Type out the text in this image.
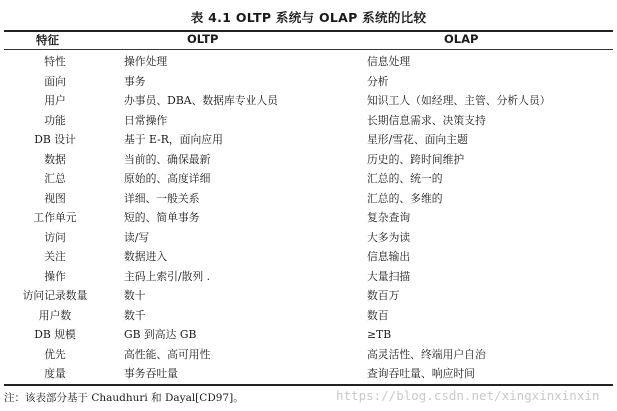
表 4.1 OLTP 系统与 OLAP 系统的比较
特征	OLTP	OLAP
特性	操作处理	信息处理
面向	事务	分析
用户	办事员、DBA、数据库专业人员	知识工人（如经理、主管、分析人员）
功能	日常操作	长期信息需求、决策支持
DB 设计	基于 E-R，面向应用	星形/雪花、面向主题
数据	当前的、确保最新	历史的、跨时间维护
汇总	原始的、高度详细	汇总的、统一的
视图	详细、一般关系	汇总的、多维的
工作单元	短的、简单事务	复杂查询
访问	读/写	大多为读
关注	数据进入	信息输出
操作	主码上索引/散列 .	大量扫描
访问记录数量	数十	数百万
用户数	数千	数百
DB 规模	GB 到高达 GB	≥TB
优先	高性能、高可用性	高灵活性、终端用户自治
度量	事务吞吐量	查询吞吐量、响应时间
注：该表部分基于 Chaudhuri 和 Dayal[CD97]。	https://blog.csdn.net/xingxinxinxin
